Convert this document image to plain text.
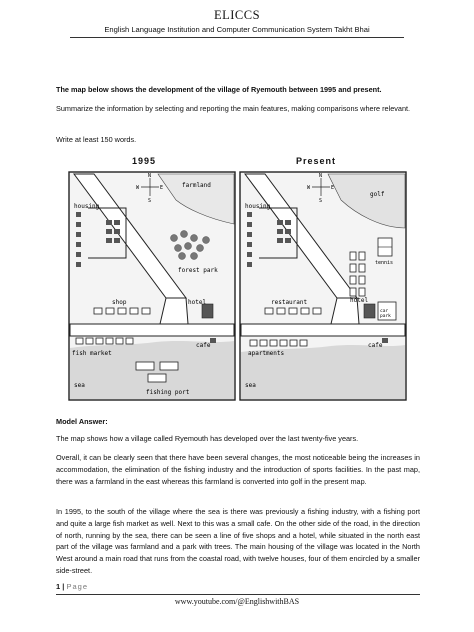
ELICCS
English Language Institution and Computer Communication System Takht Bhai
The map below shows the development of the village of Ryemouth between 1995 and present.
Summarize the information by selecting and reporting the main features, making comparisons where relevant.
Write at least 150 words.
1995	Present
N
W	E
S
farmland
housing
forest park
shop	hotel
cafe
fish market
sea
fishing port
N
W	E
S
golf
housing
tennis
restaurant	hotel
car park
cafe
apartments
sea
Model Answer:
The map shows how a village called Ryemouth has developed over the last twenty-five years.
Overall, it can be clearly seen that there have been several changes, the most noticeable being the increases in accommodation, the elimination of the fishing industry and the introduction of sports facilities. In the past map, there was a farmland in the east whereas this farmland is converted into golf in the present map.
In 1995, to the south of the village where the sea is there was previously a fishing industry, with a fishing port and quite a large fish market as well. Next to this was a small cafe. On the other side of the road, in the direction of north, running by the sea, there can be seen a line of five shops and a hotel, while situated in the north east part of the village was farmland and a park with trees. The main housing of the village was located in the North West around a main road that runs from the coastal road, with twelve houses, four of them encircled by a smaller side-street.
1 | Page
www.youtube.com/@EnglishwithBAS
